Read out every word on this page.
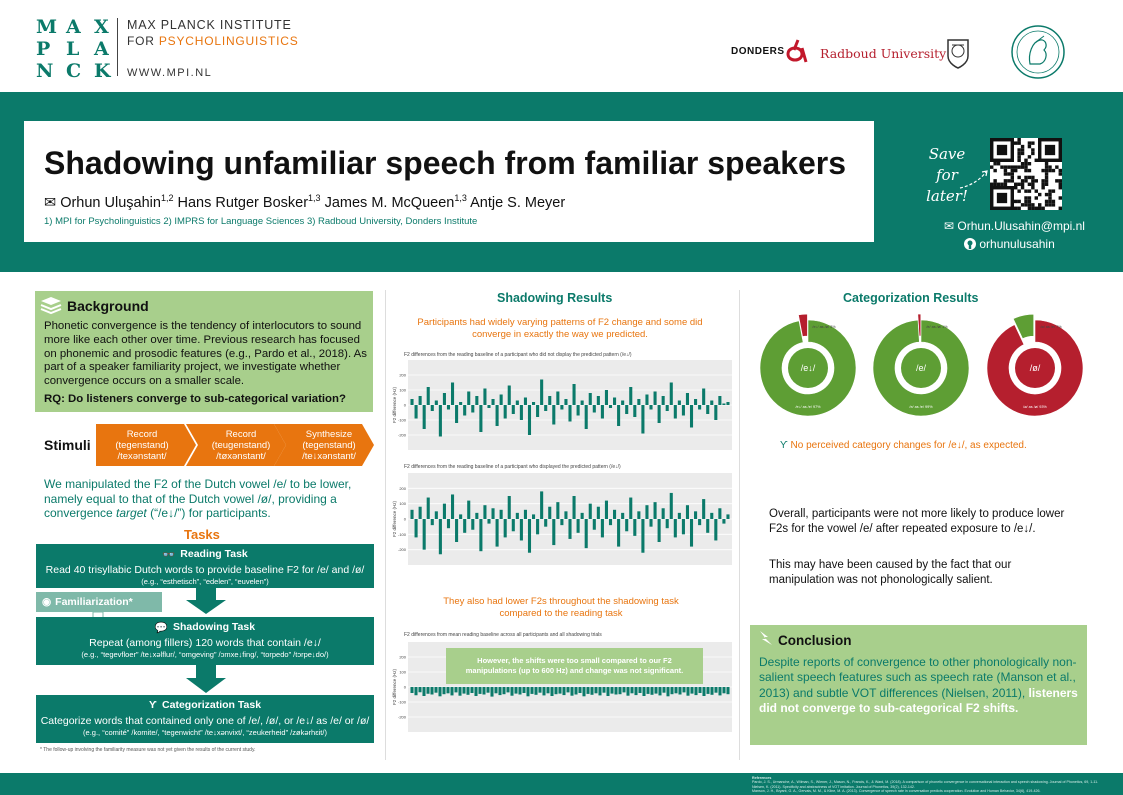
M A X
P L A
N C K
MAX PLANCK INSTITUTE
FOR PSYCHOLINGUISTICS
WWW.MPI.NL
DONDERS	Radboud University
Shadowing unfamiliar speech from familiar speakers
✉ Orhun Uluşahin$^{1,2}$ Hans Rutger Bosker$^{1,3}$ James M. McQueen$^{1,3}$ Antje S. Meyer
1) MPI for Psycholinguistics 2) IMPRS for Language Sciences 3) Radboud University, Donders Institute
Save
for
later!
✉ Orhun.Ulusahin@mpi.nl
orhunulusahin
Background
Phonetic convergence is the tendency of interlocutors to sound more like each other over time. Previous research has focused on phonemic and prosodic features (e.g., Pardo et al., 2018). As part of a speaker familiarity project, we investigate whether convergence occurs on a smaller scale.
RQ: Do listeners converge to sub-categorical variation?
Stimuli
Record
(tegenstand)
/texənstant/
Record
(teugenstand)
/tøxənstant/
Synthesize
(tegenstand)
/te↓xənstant/
We manipulated the F2 of the Dutch vowel /e/ to be lower, namely equal to that of the Dutch vowel /ø/, providing a convergence target (“/e↓/”) for participants.
Tasks
👓 Reading Task
Read 40 trisyllabic Dutch words to provide baseline F2 for /e/ and /ø/
(e.g., “esthetisch”, “edelen”, “euvelen”)
◉ Familiarization*
💬 Shadowing Task
Repeat (among fillers) 120 words that contain /e↓/
(e.g., “tegevfloer” /te↓xəlflur/, “omgeving” /ɔmxe↓fing/, “torpedo” /tɔrpe↓do/)
Ƴ Categorization Task
Categorize words that contained only one of /e/, /ø/, or /e↓/ as /e/ or /ø/
(e.g., “comité” /komite/, “tegenwicht” /te↓xənvixt/, “zeukerheid” /zøkərhɛit/)
* The follow-up involving the familiarity measure was not yet given the results of the current study.
Shadowing Results
Participants had widely varying patterns of F2 change and some did converge in exactly the way we predicted.
F2 differences from the reading baseline of a participant who did not display the predicted pattern (/e↓/)
200
100
0
-100
-200
F2 difference (Hz)
F2 differences from the reading baseline of a participant who displayed the predicted pattern (/e↓/)
200
100
0
-100
-200
F2 difference (Hz)
They also had lower F2s throughout the shadowing task compared to the reading task
F2 differences from mean reading baseline across all participants and all shadowing trials
200
100
0
-100
-200
F2 difference (Hz)
However, the shifts were too small compared to our F2 manipulations (up to 600 Hz) and change was not significant.
Categorization Results
/e↓/
/e↓/ as /ø/ 3%
/e↓/ as /e/ 97%
/e/
/e/ as /ø/ 1%
/e/ as /e/ 99%
/ø/
/ø/ as /e/ 7%
/ø/ as /ø/ 93%
Ƴ No perceived category changes for /e↓/, as expected.
Overall, participants were not more likely to produce lower F2s for the vowel /e/ after repeated exposure to /e↓/.
This may have been caused by the fact that our manipulation was not phonologically salient.
Conclusion
Despite reports of convergence to other phonologically non-salient speech features such as speech rate (Manson et al., 2013) and subtle VOT differences (Nielsen, 2011), listeners did not converge to sub-categorical F2 shifts.
References
Pardo, J. S., Urmanche, A., Wilman, S., Wiener, J., Mason, N., Francis, K., & Ward, M. (2018). A comparison of phonetic convergence in conversational interaction and speech shadowing. Journal of Phonetics, 69, 1-11.
Nielsen, K. (2011). Specificity and abstractness of VOT imitation. Journal of Phonetics, 39(2), 132-142.
Manson, J. H., Bryant, G. A., Gervais, M. M., & Kline, M. A. (2013). Convergence of speech rate in conversation predicts cooperation. Evolution and Human Behavior, 34(6), 419-426.
